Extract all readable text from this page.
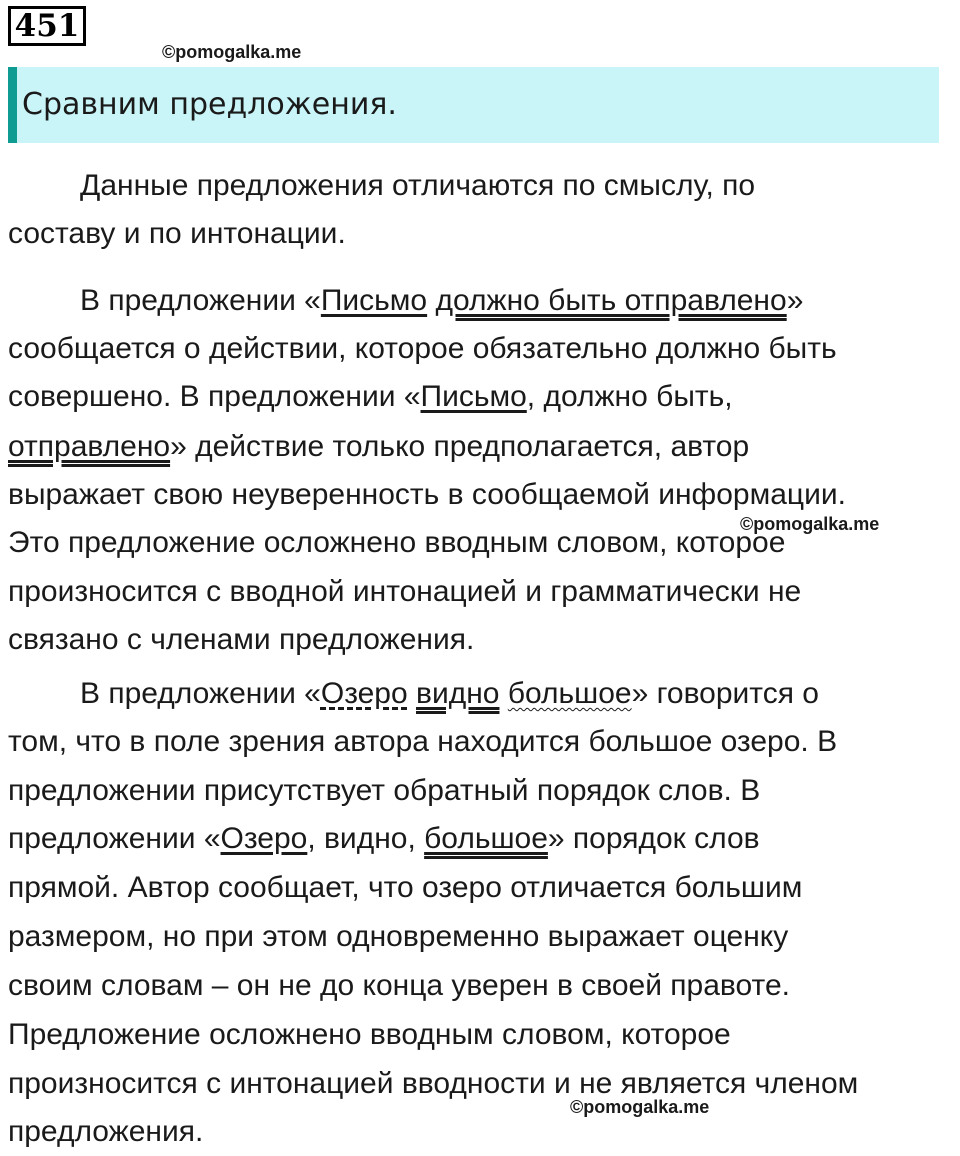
451
©pomogalka.me
Сравним предложения.
Данные предложения отличаются по смыслу, по
составу и по интонации.
В предложении «Письмо должно быть отправлено»
сообщается о действии, которое обязательно должно быть
совершено. В предложении «Письмо, должно быть,
отправлено» действие только предполагается, автор
выражает свою неуверенность в сообщаемой информации.
©pomogalka.me
Это предложение осложнено вводным словом, которое
произносится с вводной интонацией и грамматически не
связано с членами предложения.
В предложении «Озеро видно большое» говорится о
том, что в поле зрения автора находится большое озеро. В
предложении присутствует обратный порядок слов. В
предложении «Озеро, видно, большое» порядок слов
прямой. Автор сообщает, что озеро отличается большим
размером, но при этом одновременно выражает оценку
своим словам – он не до конца уверен в своей правоте.
Предложение осложнено вводным словом, которое
произносится с интонацией вводности и не является членом
©pomogalka.me
предложения.
